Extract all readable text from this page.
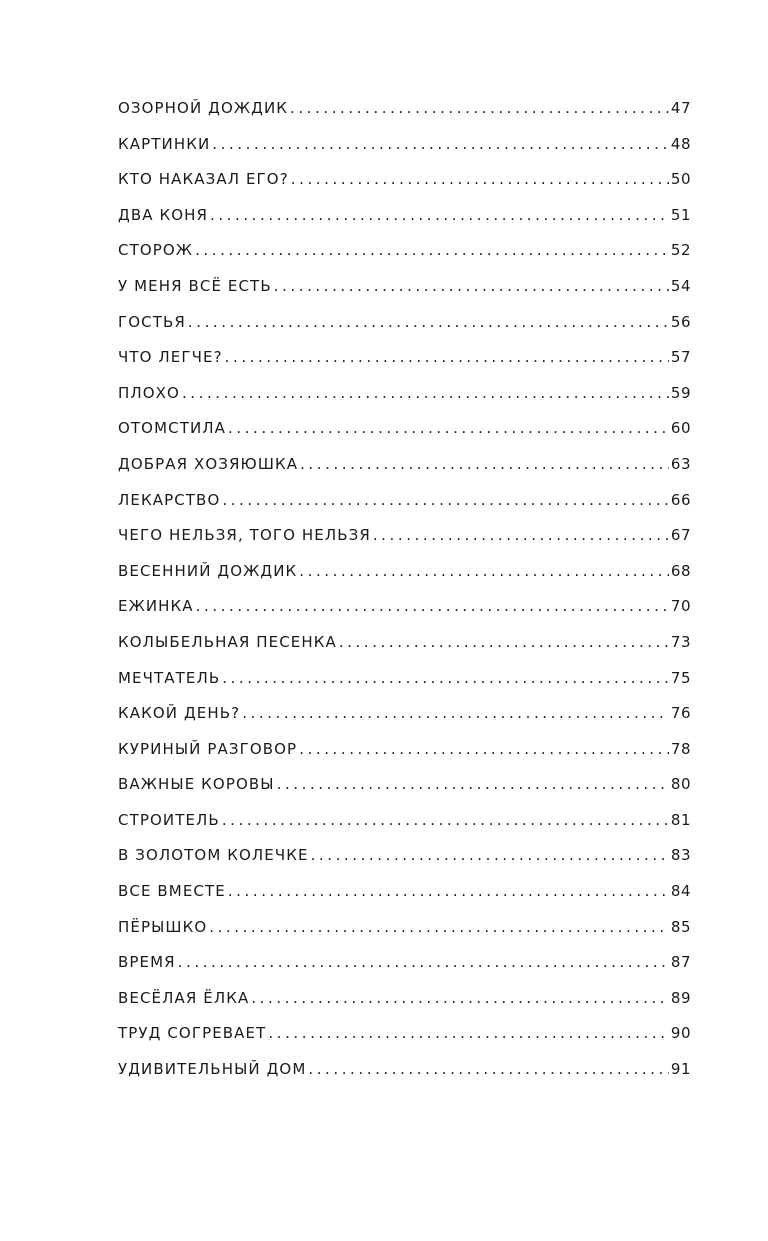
ОЗОРНОЙ ДОЖДИК . . .	47
КАРТИНКИ . . .	48
КТО НАКАЗАЛ ЕГО? . . .	50
ДВА КОНЯ . . .	51
СТОРОЖ . . .	52
У МЕНЯ ВСЁ ЕСТЬ . . .	54
ГОСТЬЯ . . .	56
ЧТО ЛЕГЧЕ? . . .	57
ПЛОХО . . .	59
ОТОМСТИЛА . . .	60
ДОБРАЯ ХОЗЯЮШКА . . .	63
ЛЕКАРСТВО . . .	66
ЧЕГО НЕЛЬЗЯ, ТОГО НЕЛЬЗЯ . . .	67
ВЕСЕННИЙ ДОЖДИК . . .	68
ЕЖИНКА . . .	70
КОЛЫБЕЛЬНАЯ ПЕСЕНКА . . .	73
МЕЧТАТЕЛЬ . . .	75
КАКОЙ ДЕНЬ? . . .	76
КУРИНЫЙ РАЗГОВОР . . .	78
ВАЖНЫЕ КОРОВЫ . . .	80
СТРОИТЕЛЬ . . .	81
В ЗОЛОТОМ КОЛЕЧКЕ . . .	83
ВСЕ ВМЕСТЕ . . .	84
ПЁРЫШКО . . .	85
ВРЕМЯ . . .	87
ВЕСЁЛАЯ ЁЛКА . . .	89
ТРУД СОГРЕВАЕТ . . .	90
УДИВИТЕЛЬНЫЙ ДОМ . . .	91
